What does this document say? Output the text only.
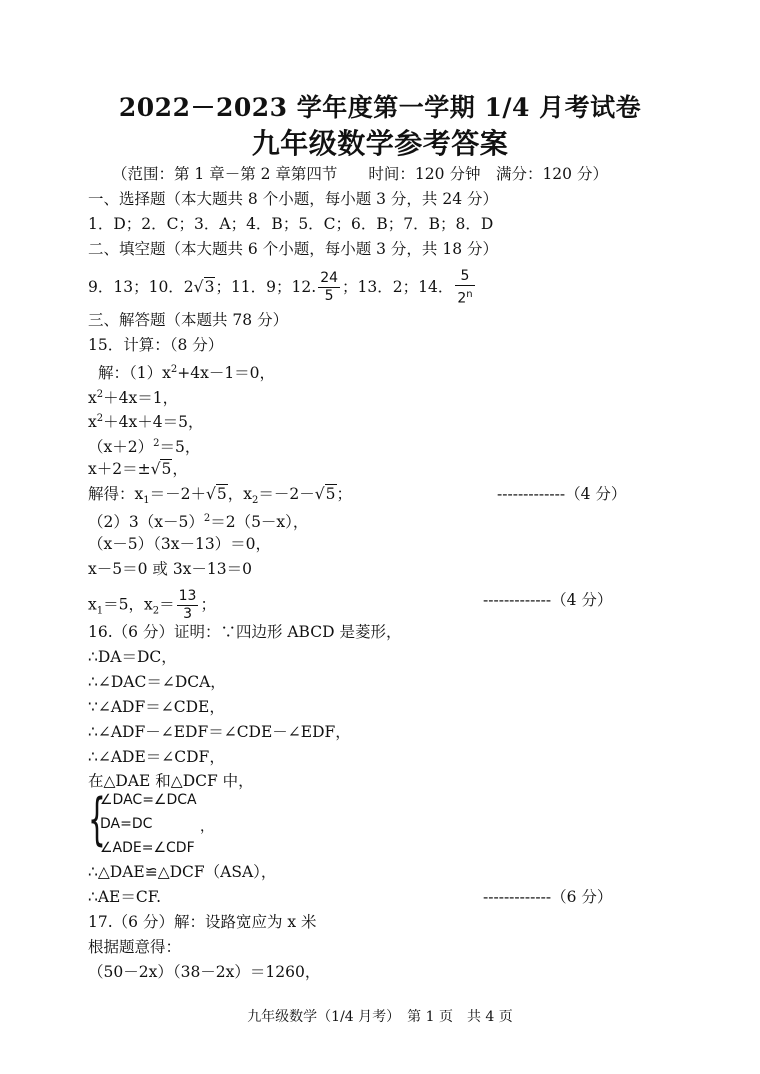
2022－2023 学年度第一学期 1/4 月考试卷
九年级数学参考答案
（范围：第 1 章－第 2 章第四节　　时间：120 分钟　满分：120 分）
一、选择题（本大题共 8 个小题，每小题 3 分，共 24 分）
1．D；2．C；3．A；4．B；5．C；6．B；7．B；8．D
二、填空题（本大题共 6 个小题，每小题 3 分，共 18 分）
9．13；10．2√3；11．9；12. $\frac{24}{5}$ ；13．2；14． $\frac{5}{2^n}$
三、解答题（本题共 78 分）
15．计算：（8 分）
解：$(1)x^2+4x-1=0$，
$x^2+4x=1$，
$x^2+4x+4=5$，
$(x+2)^2=5$，
x＋2＝±√5，
解得：$x_1=-2+√5$，$x_2=-2-√5$；	-------------（4 分）
$(2)3(x-5)^2=2(5-x)$，
（x－5）（3x－13）＝0，
x－5＝0 或 3x－13＝0
$x_1=5$，$x_2= \frac{13}{3}$ ；	-------------（4 分）
16.（6 分）证明：∵四边形 ABCD 是菱形，
∴DA＝DC，
∴∠DAC＝∠DCA，
∵∠ADF＝∠CDE，
∴∠ADF－∠EDF＝∠CDE－∠EDF，
∴∠ADE＝∠CDF，
在△DAE 和△DCF 中，
{
∠DAC=∠DCA
DA=DC
∠ADE=∠CDF
，
∴△DAE≌△DCF（ASA），
∴AE＝CF.	-------------（6 分）
17.（6 分）解：设路宽应为 x 米
根据题意得：
（50－2x）（38－2x）＝1260，
九年级数学（1/4 月考）　第 1 页　共 4 页
